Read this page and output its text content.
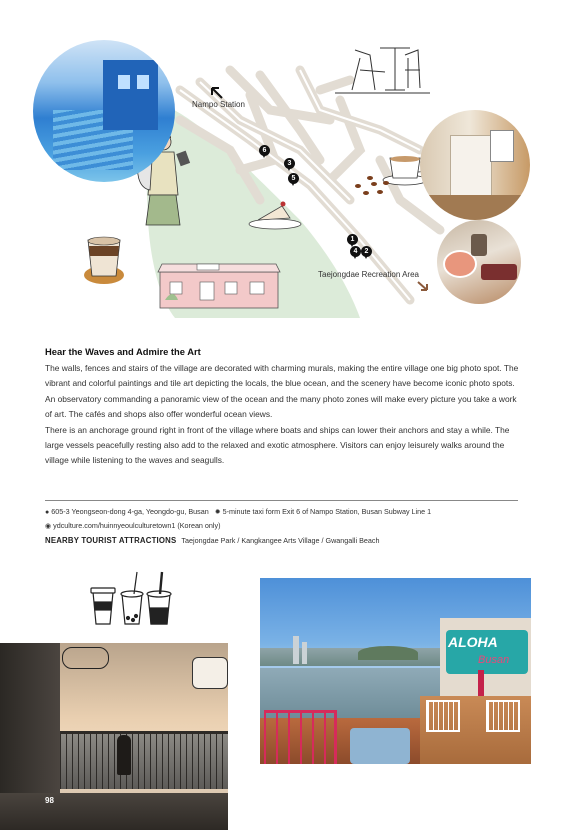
Nampo Station
Taejongdae Recreation Area
6
3
5
1
4	2
Hear the Waves and Admire the Art

The walls, fences and stairs of the village are decorated with charming murals, making the entire village one big photo spot. The vibrant and colorful paintings and tile art depicting the locals, the blue ocean, and the scenery have become iconic photo spots. An observatory commanding a panoramic view of the ocean and the many photo zones will make every picture you take a work of art. The cafés and shops also offer wonderful ocean views.

There is an anchorage ground right in front of the village where boats and ships can lower their anchors and stay a while. The large vessels peacefully resting also add to the relaxed and exotic atmosphere. Visitors can enjoy leisurely walks around the village while listening to the waves and seagulls.

● 605-3 Yeongseon-dong 4-ga, Yeongdo-gu, Busan ✹ 5-minute taxi form Exit 6 of Nampo Station, Busan Subway Line 1
◉ ydculture.com/huinnyeoulculturetown1 (Korean only)
NEARBY TOURIST ATTRACTIONS Taejongdae Park / Kangkangee Arts Village / Gwangalli Beach
98
ALOHA
Busan
